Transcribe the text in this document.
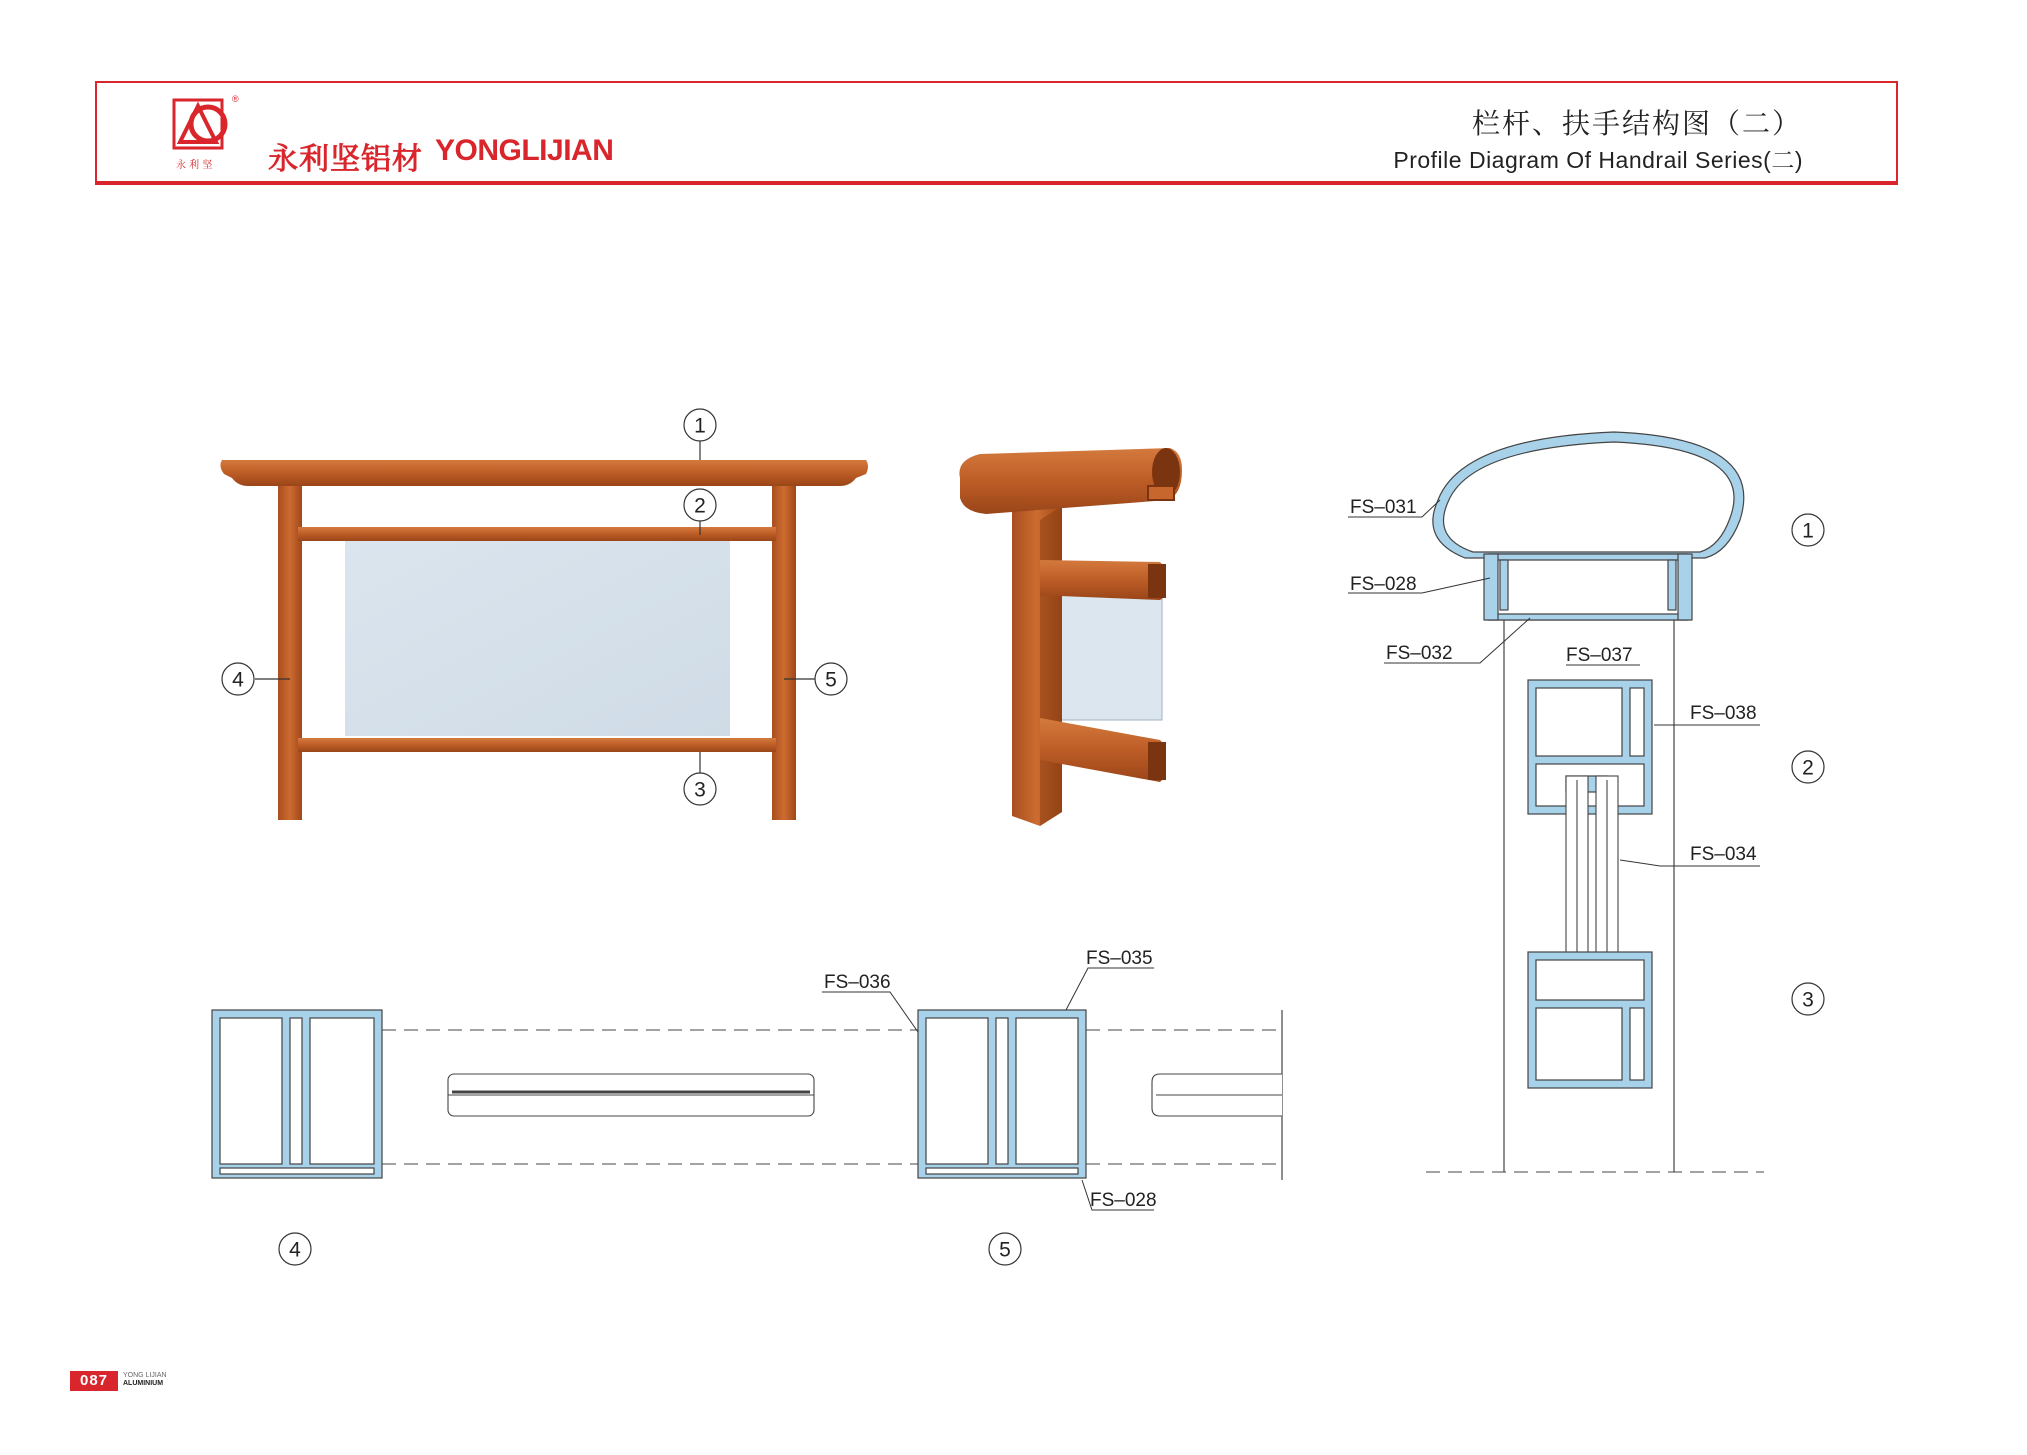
®
永 利 坚 永利坚铝材 YONGLIJIAN
栏杆、扶手结构图（二）
Profile Diagram Of Handrail Series(二)
1
2
3
4	5
1
FS–031
FS–028
FS–032	FS–037
FS–038
FS–034
2
3
FS–036
FS–035
FS–028
4	5
087	YONG LIJIAN
ALUMINIUM
